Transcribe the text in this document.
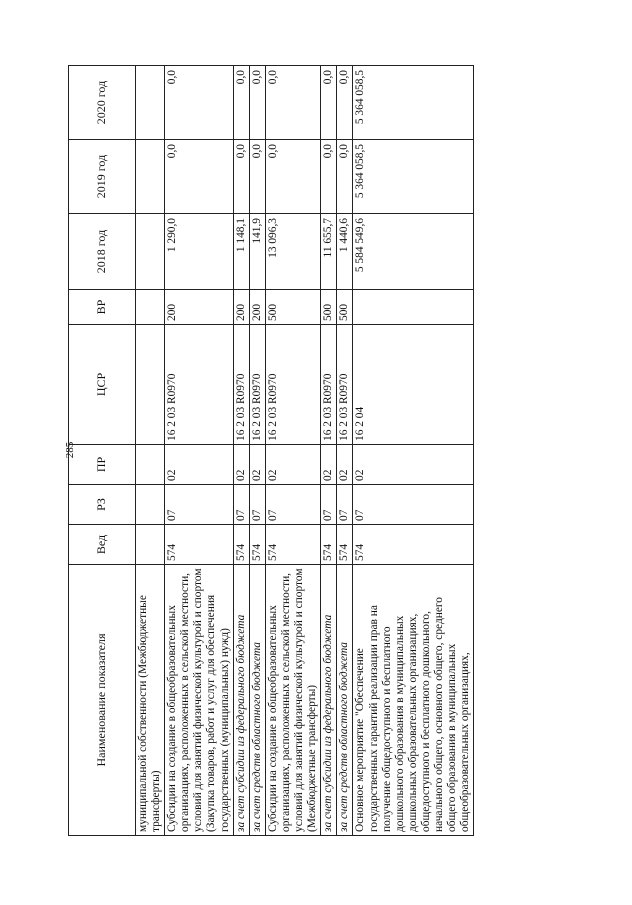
285
Наименование показателя	Вед	РЗ	ПР	ЦСР	ВР	2018 год	2019 год	2020 год
муниципальной собственности (Межбюджетные трансферты)								
Субсидии на создание в общеобразовательных организациях, расположенных в сельской местности, условий для занятий физической культурой и спортом (Закупка товаров, работ и услуг для обеспечения государственных (муниципальных) нужд)	574	07	02	16 2 03 R0970	200	1 290,0	0,0	0,0
за счет субсидии из федерального бюджета	574	07	02	16 2 03 R0970	200	1 148,1	0,0	0,0
за счет средств областного бюджета	574	07	02	16 2 03 R0970	200	141,9	0,0	0,0
Субсидии на создание в общеобразовательных организациях, расположенных в сельской местности, условий для занятий физической культурой и спортом (Межбюджетные трансферты)	574	07	02	16 2 03 R0970	500	13 096,3	0,0	0,0
за счет субсидии из федерального бюджета	574	07	02	16 2 03 R0970	500	11 655,7	0,0	0,0
за счет средств областного бюджета	574	07	02	16 2 03 R0970	500	1 440,6	0,0	0,0
Основное мероприятие "Обеспечение государственных гарантий реализации прав на получение общедоступного и бесплатного дошкольного образования в муниципальных дошкольных образовательных организациях, общедоступного и бесплатного дошкольного, начального общего, основного общего, среднего общего образования в муниципальных общеобразовательных организациях,	574	07	02	16 2 04		5 584 549,6	5 364 058,5	5 364 058,5
